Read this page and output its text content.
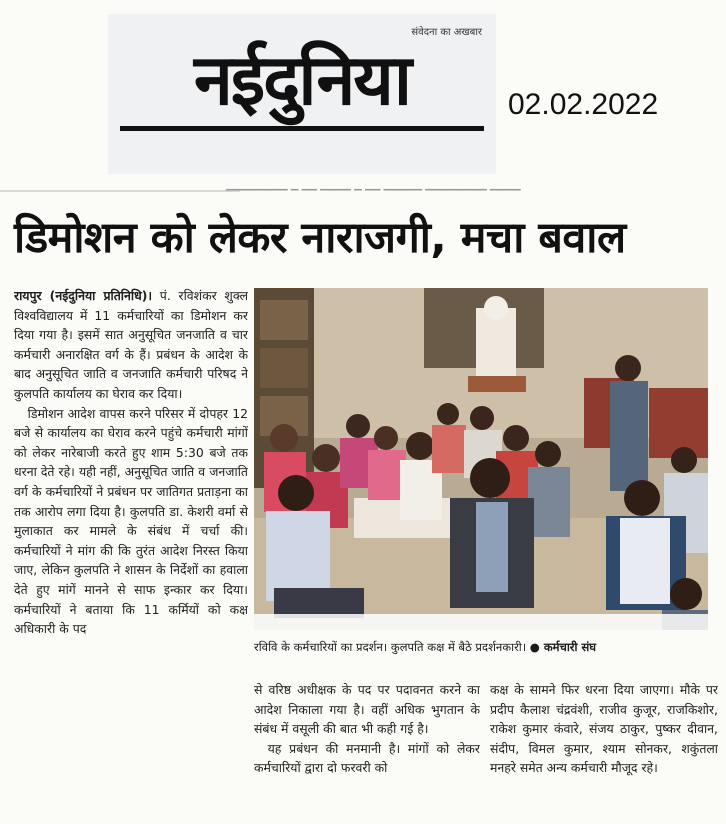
संवेदना का अखबार
नईदुनिया	02.02.2022
▁▁▁▁▁▁▁▁ ▁ ▁▁ ▁▁▁▁ ▁ ▁▁ ▁▁▁▁▁ ▁▁▁▁▁▁▁▁ ▁▁▁▁
डिमोशन को लेकर नाराजगी, मचा बवाल

रायपुर (नईदुनिया प्रतिनिधि)। पं. रविशंकर शुक्ल विश्वविद्यालय में 11 कर्मचारियों का डिमोशन कर दिया गया है। इसमें सात अनुसूचित जनजाति व चार कर्मचारी अनारक्षित वर्ग के हैं। प्रबंधन के आदेश के बाद अनुसूचित जाति व जनजाति कर्मचारी परिषद ने कुलपति कार्यालय का घेराव कर दिया।

डिमोशन आदेश वापस करने परिसर में दोपहर 12 बजे से कार्यालय का घेराव करने पहुंचे कर्मचारी मांगों को लेकर नारेबाजी करते हुए शाम 5:30 बजे तक धरना देते रहे। यही नहीं, अनुसूचित जाति व जनजाति वर्ग के कर्मचारियों ने प्रबंधन पर जातिगत प्रताड़ना का तक आरोप लगा दिया है। कुलपति डा. केशरी वर्मा से मुलाकात कर मामले के संबंध में चर्चा की। कर्मचारियों ने मांग की कि तुरंत आदेश निरस्त किया जाए, लेकिन कुलपति ने शासन के निर्देशों का हवाला देते हुए मांगें मानने से साफ इन्कार कर दिया। कर्मचारियों ने बताया कि 11 कर्मियों को कक्ष अधिकारी के पद

रविवि के कर्मचारियों का प्रदर्शन। कुलपति कक्ष में बैठे प्रदर्शनकारी। ● कर्मचारी संघ

से वरिष्ठ अधीक्षक के पद पर पदावनत करने का आदेश निकाला गया है। वहीं अधिक भुगतान के संबंध में वसूली की बात भी कही गई है।

यह प्रबंधन की मनमानी है। मांगों को लेकर कर्मचारियों द्वारा दो फरवरी को

कक्ष के सामने फिर धरना दिया जाएगा। मौके पर प्रदीप कैलाश चंद्रवंशी, राजीव कुजूर, राजकिशोर, राकेश कुमार कंवारे, संजय ठाकुर, पुष्कर दीवान, संदीप, विमल कुमार, श्याम सोनकर, शकुंतला मनहरे समेत अन्य कर्मचारी मौजूद रहे।
